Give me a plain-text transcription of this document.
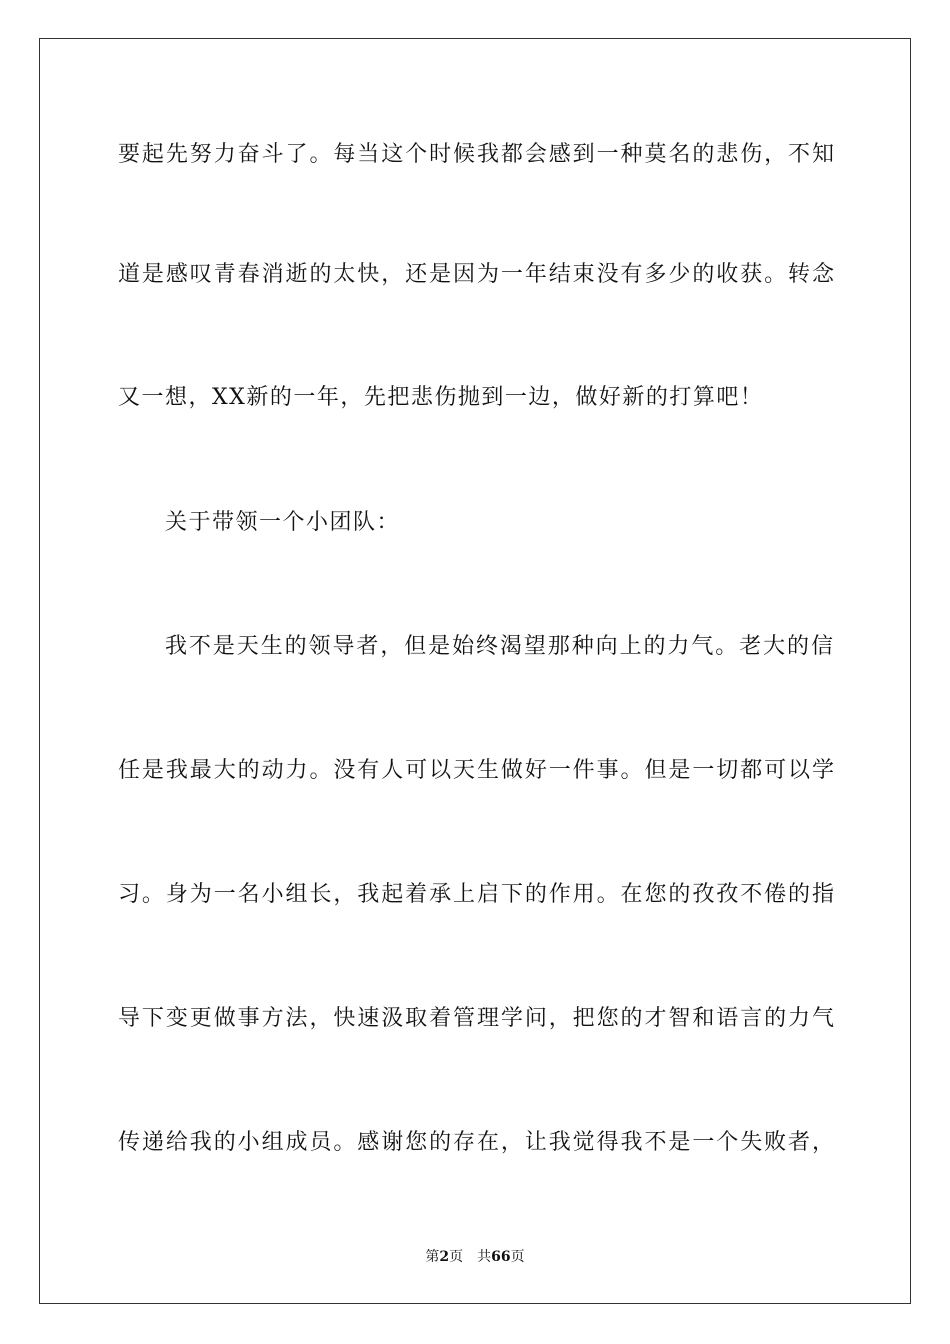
要起先努力奋斗了。每当这个时候我都会感到一种莫名的悲伤，不知
道是感叹青春消逝的太快，还是因为一年结束没有多少的收获。转念
又一想，XX新的一年，先把悲伤抛到一边，做好新的打算吧！
关于带领一个小团队：
我不是天生的领导者，但是始终渴望那种向上的力气。老大的信
任是我最大的动力。没有人可以天生做好一件事。但是一切都可以学
习。身为一名小组长，我起着承上启下的作用。在您的孜孜不倦的指
导下变更做事方法，快速汲取着管理学问，把您的才智和语言的力气
传递给我的小组成员。感谢您的存在，让我觉得我不是一个失败者，
第2页 共66页
